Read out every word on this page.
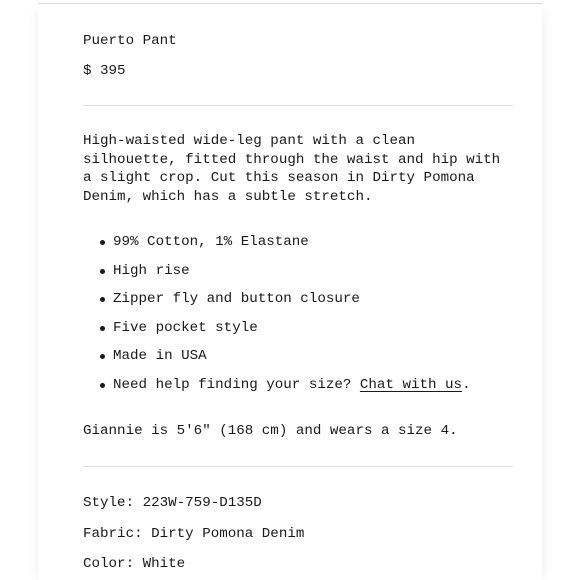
Puerto Pant
$ 395
High-waisted wide-leg pant with a clean
silhouette, fitted through the waist and hip with
a slight crop. Cut this season in Dirty Pomona
Denim, which has a subtle stretch.
99% Cotton, 1% Elastane
High rise
Zipper fly and button closure
Five pocket style
Made in USA
Need help finding your size? Chat with us.
Giannie is 5'6" (168 cm) and wears a size 4.
Style: 223W-759-D135D
Fabric: Dirty Pomona Denim
Color: White
